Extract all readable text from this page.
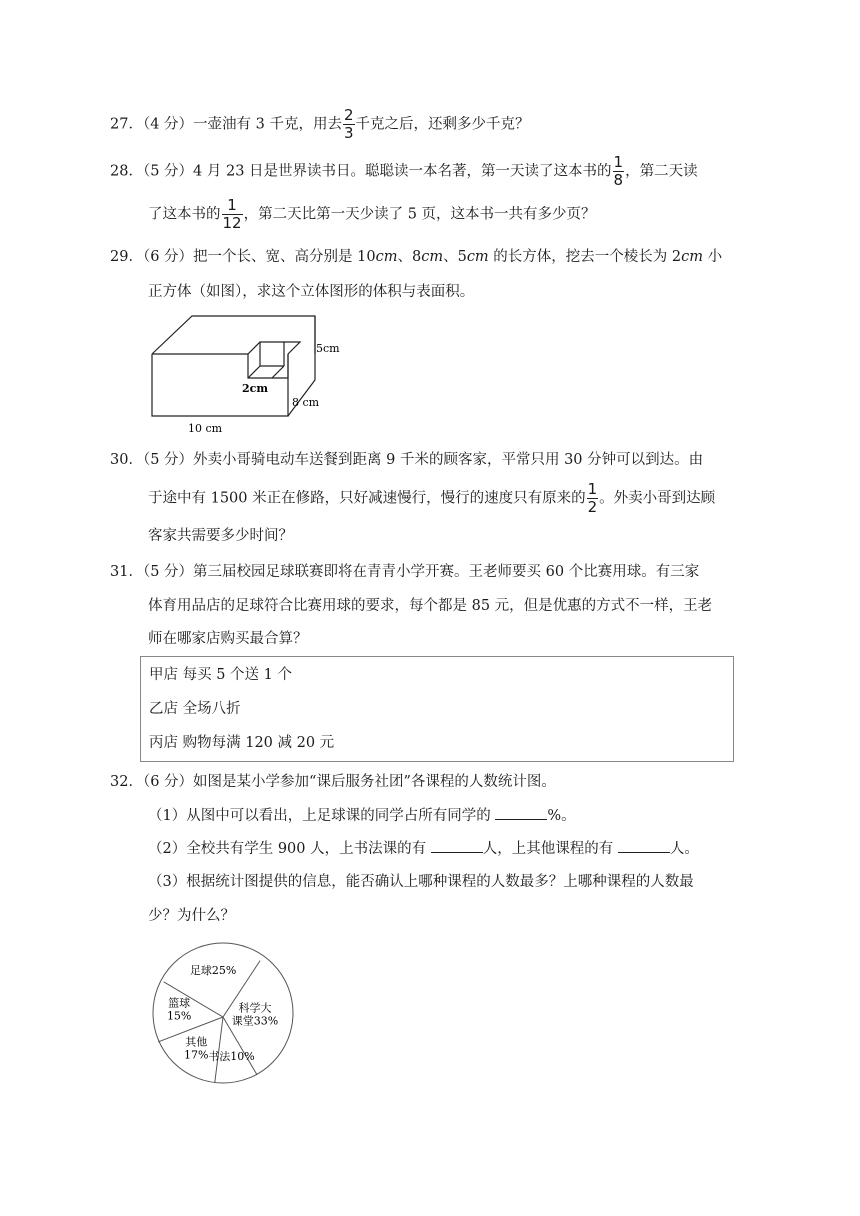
27．（4 分）一壶油有 3 千克，用去 $\frac{2}{3}$ 千克之后，还剩多少千克？
28．（5 分）4 月 23 日是世界读书日。聪聪读一本名著，第一天读了这本书的 $\frac{1}{8}$ ，第二天读
了这本书的 $\frac{1}{12}$ ，第二天比第一天少读了 5 页，这本书一共有多少页？
29．（6 分）把一个长、宽、高分别是 10cm、8cm、5cm 的长方体，挖去一个棱长为 2cm 小
正方体（如图），求这个立体图形的体积与表面积。
5cm
2cm
8 cm
10 cm
30．（5 分）外卖小哥骑电动车送餐到距离 9 千米的顾客家，平常只用 30 分钟可以到达。由
于途中有 1500 米正在修路，只好减速慢行，慢行的速度只有原来的 $\frac{1}{2}$ 。外卖小哥到达顾
客家共需要多少时间？
31．（5 分）第三届校园足球联赛即将在青青小学开赛。王老师要买 60 个比赛用球。有三家
体育用品店的足球符合比赛用球的要求，每个都是 85 元，但是优惠的方式不一样，王老
师在哪家店购买最合算？
甲店 每买 5 个送 1 个
乙店 全场八折
丙店 购物每满 120 减 20 元
32．（6 分）如图是某小学参加“课后服务社团”各课程的人数统计图。
（1）从图中可以看出，上足球课的同学占所有同学的	%。
（2）全校共有学生 900 人，上书法课的有	人，上其他课程的有	人。
（3）根据统计图提供的信息，能否确认上哪种课程的人数最多？上哪种课程的人数最
少？为什么？
科学大
课堂33%
书法10%
其他
17%
篮球
15%
足球25%
